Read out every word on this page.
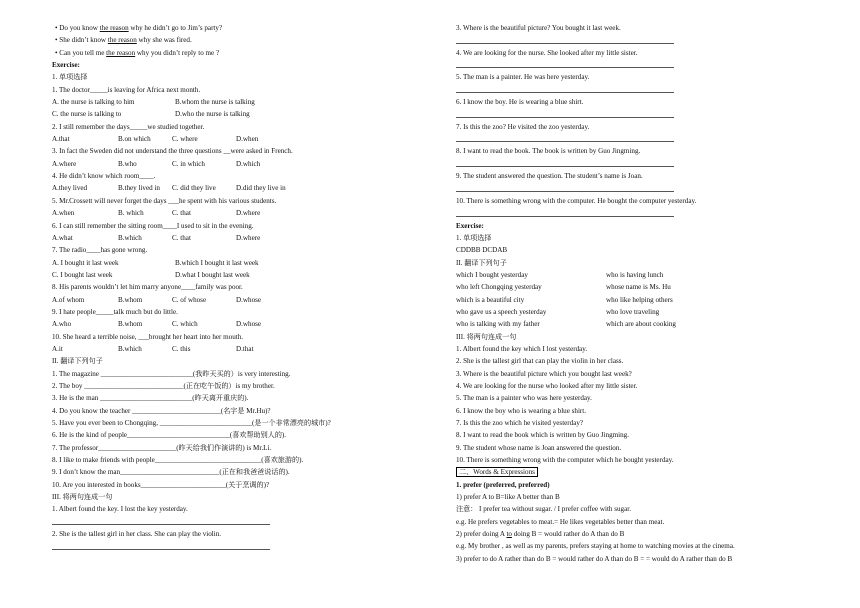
• Do you know the reason why he didn’t go to Jim’s party?
• She didn’t know the reason why she was fired.
• Can you tell me the reason why you didn’t reply to me ?
Exercise:
1. 单项选择
1. The doctor_____is leaving for Africa next month.
A. the nurse is talking to him	B.whom the nurse is talking
C. the nurse is talking to	D.who the nurse is talking
2. I still remember the days_____we studied together.
A.that	B.on which	C. where	D.when
3. In fact the Sweden did not understand the three questions __were asked in French.
A.where	B.who	C. in which	D.which
4. He didn’t know which room____.
A.they lived	B.they lived in C. did they live	D.did they live in
5. Mr.Crossett will never forget the days ___he spent with his various students.
A.when	B. which	C. that	D.where
6. I can still remember the sitting room____I used to sit in the evening.
A.what	B.which	C. that	D.where
7. The radio____has gone wrong.
A. I bought it last week	B.which I bought it last week
C. I bought last week	D.what I bought last week
8. His parents wouldn’t let him marry anyone____family was poor.
A.of whom	B.whom	C. of whose	D.whose
9. I hate people_____talk much but do little.
A.who	B.whom	C. which	D.whose
10. She heard a terrible noise, ___brought her heart into her mouth.
A.it	B.which	C. this	D.that
II. 翻译下列句子
1. The magazine __________________________(我昨天买的）is very interesting.
2. The boy ____________________________(正在吃午饭的）is my brother.
3. He is the man __________________________(昨天离开重庆的).
4. Do you know the teacher _________________________(名字是 Mr.Hu)?
5. Have you ever been to Chongqing, __________________________(是一个非常漂亮的城市)?
6. He is the kind of people_____________________________(喜欢帮助别人的).
7. The professor______________________(昨天给我们作演讲的) is Mr.Li.
8. I like to make friends with people______________________________(喜欢旅游的).
9. I don’t know the man____________________________(正在和我爸爸说话的).
10. Are you interested in books________________________(关于烹调的)?
III. 将两句连成一句
1. Albert found the key. I lost the key yesterday.
2. She is the tallest girl in her class. She can play the violin.
3. Where is the beautiful picture? You bought it last week.
4. We are looking for the nurse. She looked after my little sister.
5. The man is a painter. He was here yesterday.
6. I know the boy. He is wearing a blue shirt.
7. Is this the zoo? He visited the zoo yesterday.
8. I want to read the book. The book is written by Guo Jingming.
9. The student answered the question. The student’s name is Joan.
10. There is something wrong with the computer. He bought the computer yesterday.
Exercise:
1. 单项选择
CDDBB DCDAB
II. 翻译下列句子
which I bought yesterday	who is having lunch
who left Chongqing yesterday	whose name is Ms. Hu
which is a beautiful city	who like helping others
who gave us a speech yesterday	who love traveling
who is talking with my father	which are about cooking
III. 将两句连成一句
1. Albert found the key which I lost yesterday.
2. She is the tallest girl that can play the violin in her class.
3. Where is the beautiful picture which you bought last week?
4. We are looking for the nurse who looked after my little sister.
5. The man is a painter who was here yesterday.
6. I know the boy who is wearing a blue shirt.
7. Is this the zoo which he visited yesterday?
8. I want to read the book which is written by Guo Jingming.
9. The student whose name is Joan answered the question.
10. There is something wrong with the computer which he bought yesterday.
二、Words & Expressions
1. prefer (preferred, preferred)
1) prefer A to B=like A better than B
注意： I prefer tea without sugar. / I prefer coffee with sugar.
e.g. He prefers vegetables to meat.= He likes vegetables better than meat.
2) prefer doing A to doing B = would rather do A than do B
e.g. My brother , as well as my parents, prefers staying at home to watching movies at the cinema.
3) prefer to do A rather than do B = would rather do A than do B = = would do A rather than do B
